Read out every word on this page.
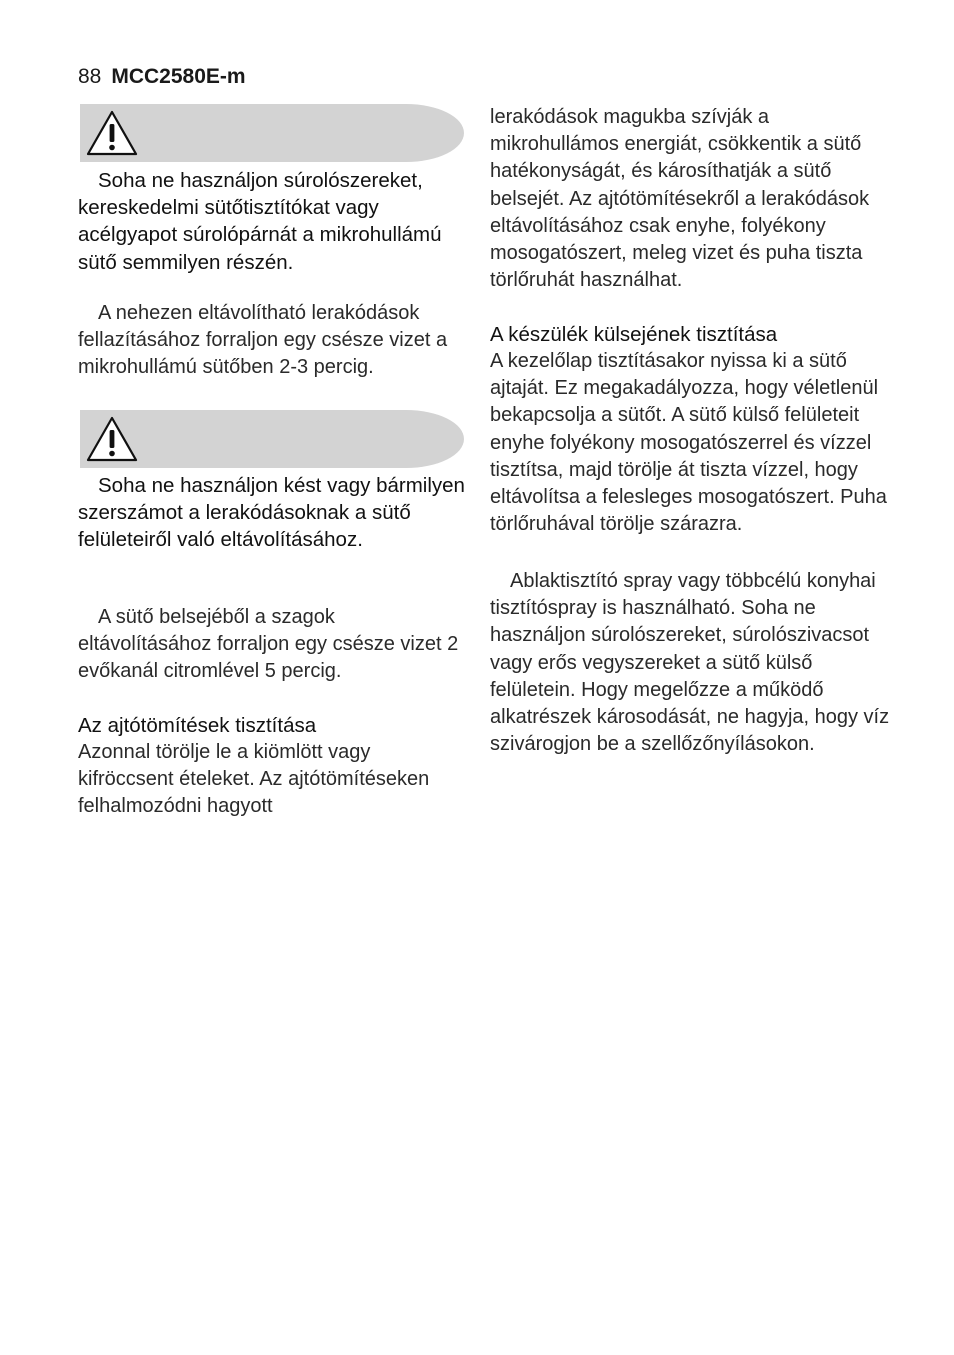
88 MCC2580E-m

Soha ne használjon súrolószereket, kereskedelmi sütőtisztítókat vagy acélgyapot súrolópárnát a mikrohullámú sütő semmilyen részén.

A nehezen eltávolítható lerakódások fellazításához forraljon egy csésze vizet a mikrohullámú sütőben 2-3 percig.

Soha ne használjon kést vagy bármilyen szerszámot a lerakódásoknak a sütő felületeiről való eltávolításához.

A sütő belsejéből a szagok eltávolításához forraljon egy csésze vizet 2 evőkanál citromlével 5 percig.

Az ajtótömítések tisztítása

Azonnal törölje le a kiömlött vagy kifröccsent ételeket. Az ajtótömítéseken felhalmozódni hagyott

lerakódások magukba szívják a mikrohullámos energiát, csökkentik a sütő hatékonyságát, és károsíthatják a sütő belsejét. Az ajtótömítésekről a lerakódások eltávolításához csak enyhe, folyékony mosogatószert, meleg vizet és puha tiszta törlőruhát használhat.

A készülék külsejének tisztítása

A kezelőlap tisztításakor nyissa ki a sütő ajtaját. Ez megakadályozza, hogy véletlenül bekapcsolja a sütőt. A sütő külső felületeit enyhe folyékony mosogatószerrel és vízzel tisztítsa, majd törölje át tiszta vízzel, hogy eltávolítsa a felesleges mosogatószert. Puha törlőruhával törölje szárazra.

Ablaktisztító spray vagy többcélú konyhai tisztítóspray is használható. Soha ne használjon súrolószereket, súrolószivacsot vagy erős vegyszereket a sütő külső felületein. Hogy megelőzze a működő alkatrészek károsodását, ne hagyja, hogy víz szivárogjon be a szellőzőnyílásokon.
